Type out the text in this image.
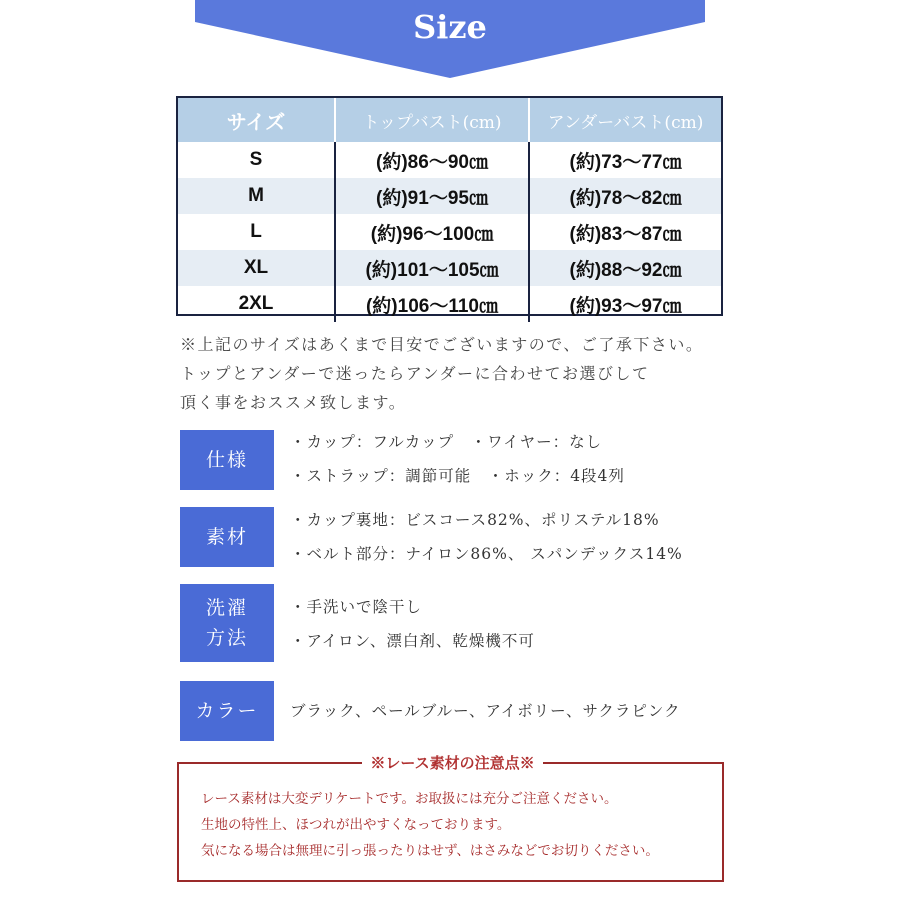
Size
サイズ	トップバスト(cm)	アンダーバスト(cm)
S	(約)86～90㎝	(約)73～77㎝
M	(約)91～95㎝	(約)78～82㎝
L	(約)96～100㎝	(約)83～87㎝
XL	(約)101～105㎝	(約)88～92㎝
2XL	(約)106～110㎝	(約)93～97㎝
※上記のサイズはあくまで目安でございますので、ご了承下さい。
トップとアンダーで迷ったらアンダーに合わせてお選びして
頂く事をおススメ致します。
仕様
・カップ：フルカップ　・ワイヤー：なし
・ストラップ：調節可能　・ホック：4段4列
素材
・カップ裏地：ビスコース82%、ポリステル18%
・ベルト部分：ナイロン86%、 スパンデックス14%
洗濯
方法
・手洗いで陰干し
・アイロン、漂白剤、乾燥機不可
カラー ブラック、ペールブルー、アイボリー、サクラピンク
※レース素材の注意点※
レース素材は大変デリケートです。お取扱には充分ご注意ください。
生地の特性上、ほつれが出やすくなっております。
気になる場合は無理に引っ張ったりはせず、はさみなどでお切りください。
